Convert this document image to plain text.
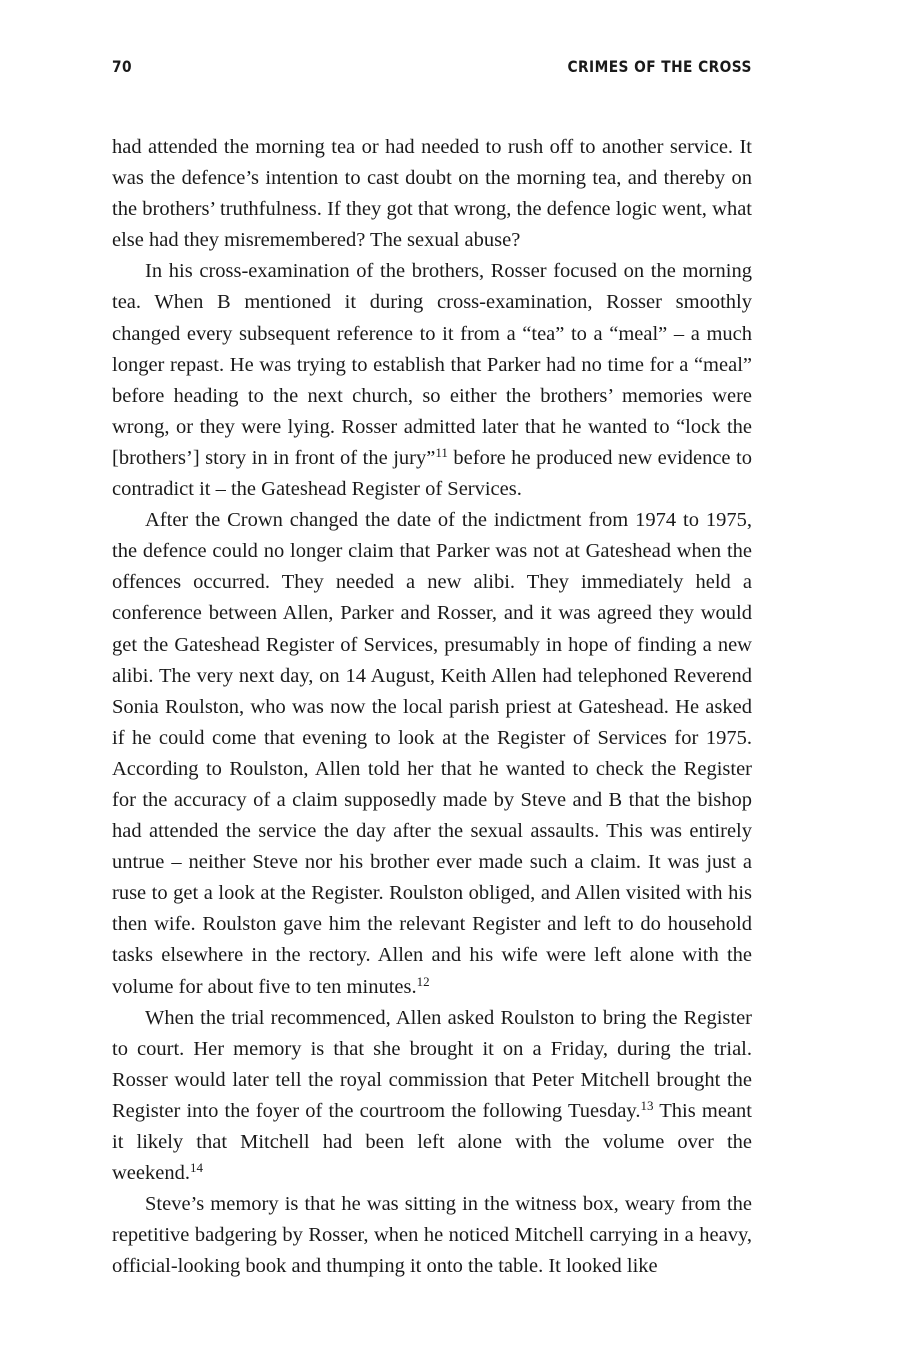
70	CRIMES OF THE CROSS

had attended the morning tea or had needed to rush off to another service. It was the defence’s intention to cast doubt on the morning tea, and thereby on the brothers’ truthfulness. If they got that wrong, the defence logic went, what else had they misremembered? The sexual abuse?

In his cross-examination of the brothers, Rosser focused on the morning tea. When B mentioned it during cross-examination, Rosser smoothly changed every subsequent reference to it from a “tea” to a “meal” – a much longer repast. He was trying to establish that Parker had no time for a “meal” before heading to the next church, so either the brothers’ memories were wrong, or they were lying. Rosser admitted later that he wanted to “lock the [brothers’] story in in front of the jury”$^{11}$ before he produced new evidence to contradict it – the Gateshead Register of Services.

After the Crown changed the date of the indictment from 1974 to 1975, the defence could no longer claim that Parker was not at Gateshead when the offences occurred. They needed a new alibi. They immediately held a conference between Allen, Parker and Rosser, and it was agreed they would get the Gateshead Register of Services, presumably in hope of finding a new alibi. The very next day, on 14 August, Keith Allen had telephoned Reverend Sonia Roulston, who was now the local parish priest at Gateshead. He asked if he could come that evening to look at the Register of Services for 1975. According to Roulston, Allen told her that he wanted to check the Register for the accuracy of a claim supposedly made by Steve and B that the bishop had attended the service the day after the sexual assaults. This was entirely untrue – neither Steve nor his brother ever made such a claim. It was just a ruse to get a look at the Register. Roulston obliged, and Allen visited with his then wife. Roulston gave him the relevant Register and left to do household tasks elsewhere in the rectory. Allen and his wife were left alone with the volume for about five to ten minutes.$^{12}$

When the trial recommenced, Allen asked Roulston to bring the Register to court. Her memory is that she brought it on a Friday, during the trial. Rosser would later tell the royal commission that Peter Mitchell brought the Register into the foyer of the courtroom the following Tuesday.$^{13}$ This meant it likely that Mitchell had been left alone with the volume over the weekend.$^{14}$

Steve’s memory is that he was sitting in the witness box, weary from the repetitive badgering by Rosser, when he noticed Mitchell carrying in a heavy, official-looking book and thumping it onto the table. It looked like
